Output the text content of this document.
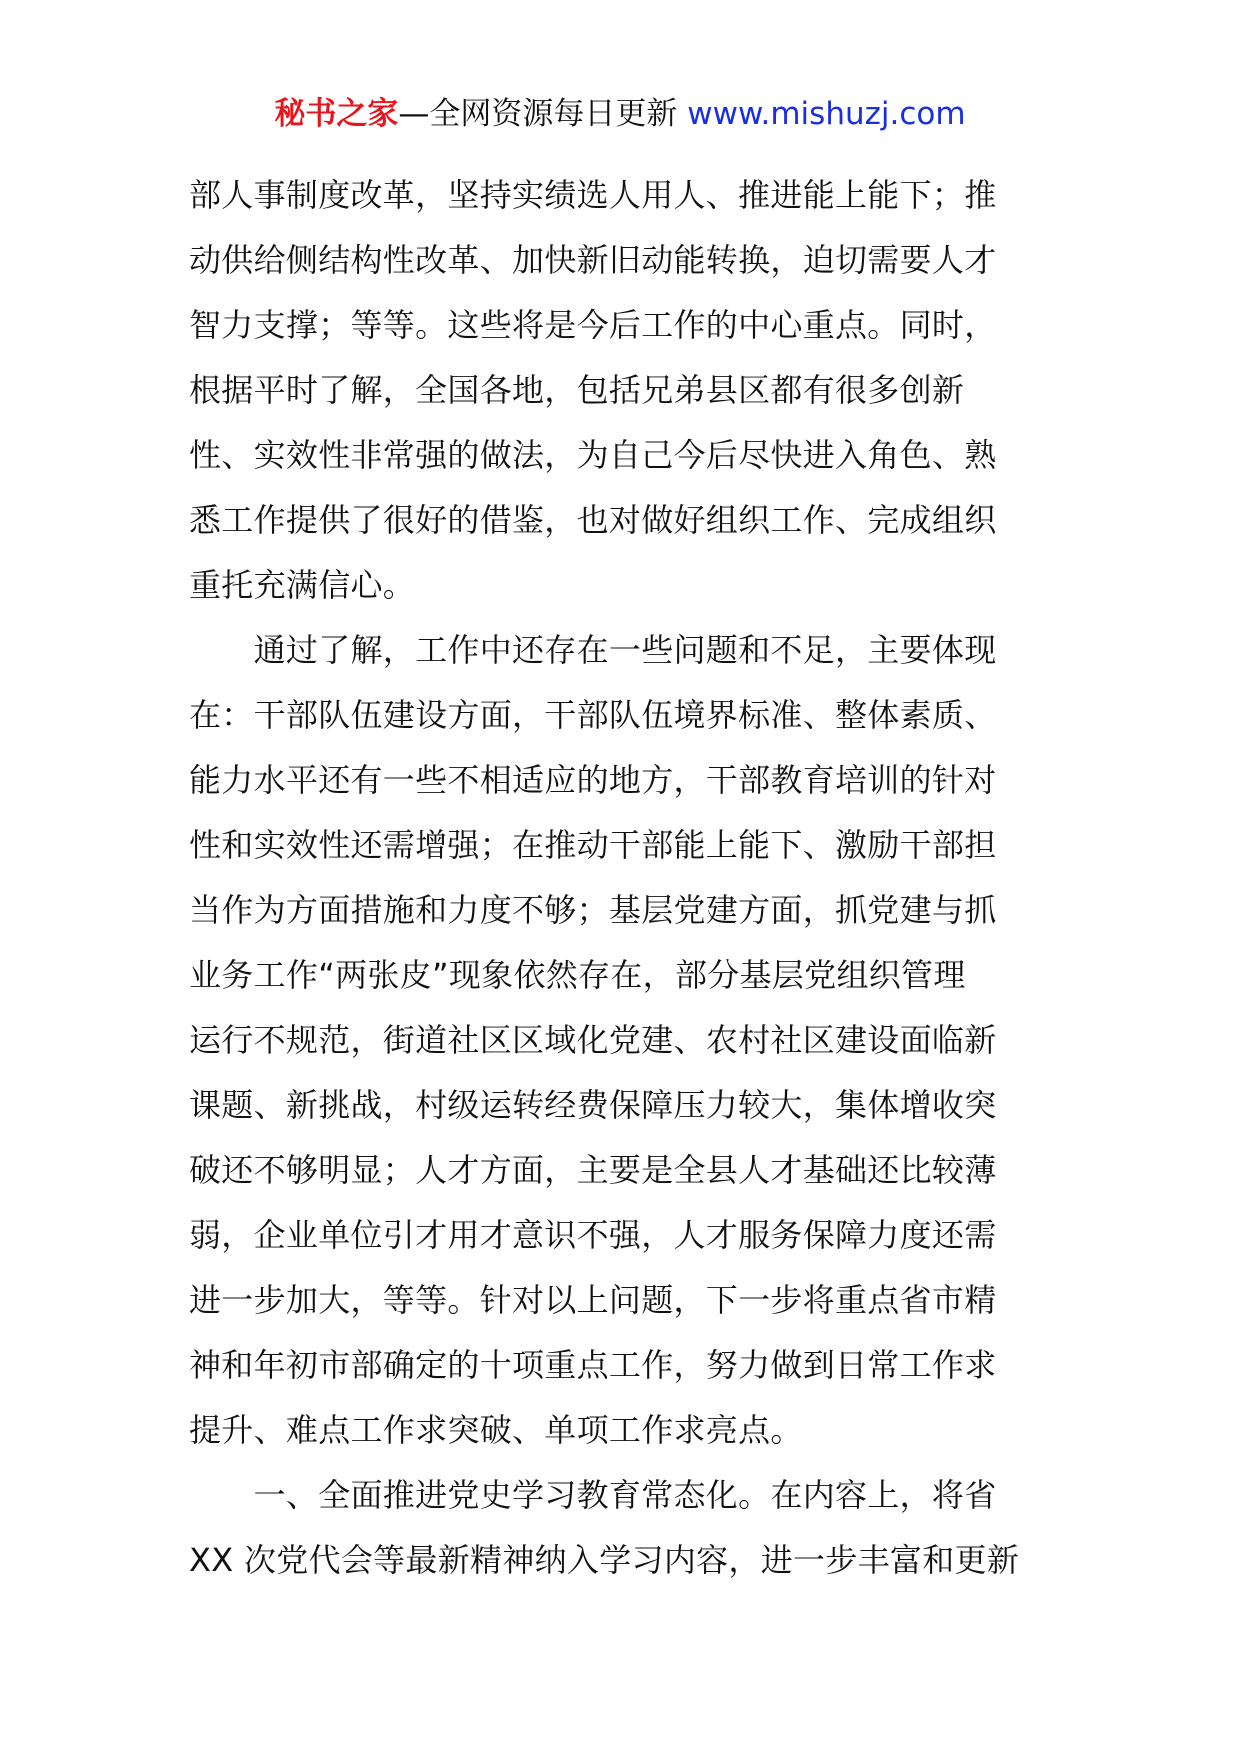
秘书之家—全网资源每日更新 www.mishuzj.com
部人事制度改革，坚持实绩选人用人、推进能上能下；推
动供给侧结构性改革、加快新旧动能转换，迫切需要人才
智力支撑；等等。这些将是今后工作的中心重点。同时，
根据平时了解，全国各地，包括兄弟县区都有很多创新
性、实效性非常强的做法，为自己今后尽快进入角色、熟
悉工作提供了很好的借鉴，也对做好组织工作、完成组织
重托充满信心。
　　通过了解，工作中还存在一些问题和不足，主要体现
在：干部队伍建设方面，干部队伍境界标准、整体素质、
能力水平还有一些不相适应的地方，干部教育培训的针对
性和实效性还需增强；在推动干部能上能下、激励干部担
当作为方面措施和力度不够；基层党建方面，抓党建与抓
业务工作“两张皮”现象依然存在，部分基层党组织管理
运行不规范，街道社区区域化党建、农村社区建设面临新
课题、新挑战，村级运转经费保障压力较大，集体增收突
破还不够明显；人才方面，主要是全县人才基础还比较薄
弱，企业单位引才用才意识不强，人才服务保障力度还需
进一步加大，等等。针对以上问题，下一步将重点省市精
神和年初市部确定的十项重点工作，努力做到日常工作求
提升、难点工作求突破、单项工作求亮点。
　　一、全面推进党史学习教育常态化。在内容上，将省
XX 次党代会等最新精神纳入学习内容，进一步丰富和更新
